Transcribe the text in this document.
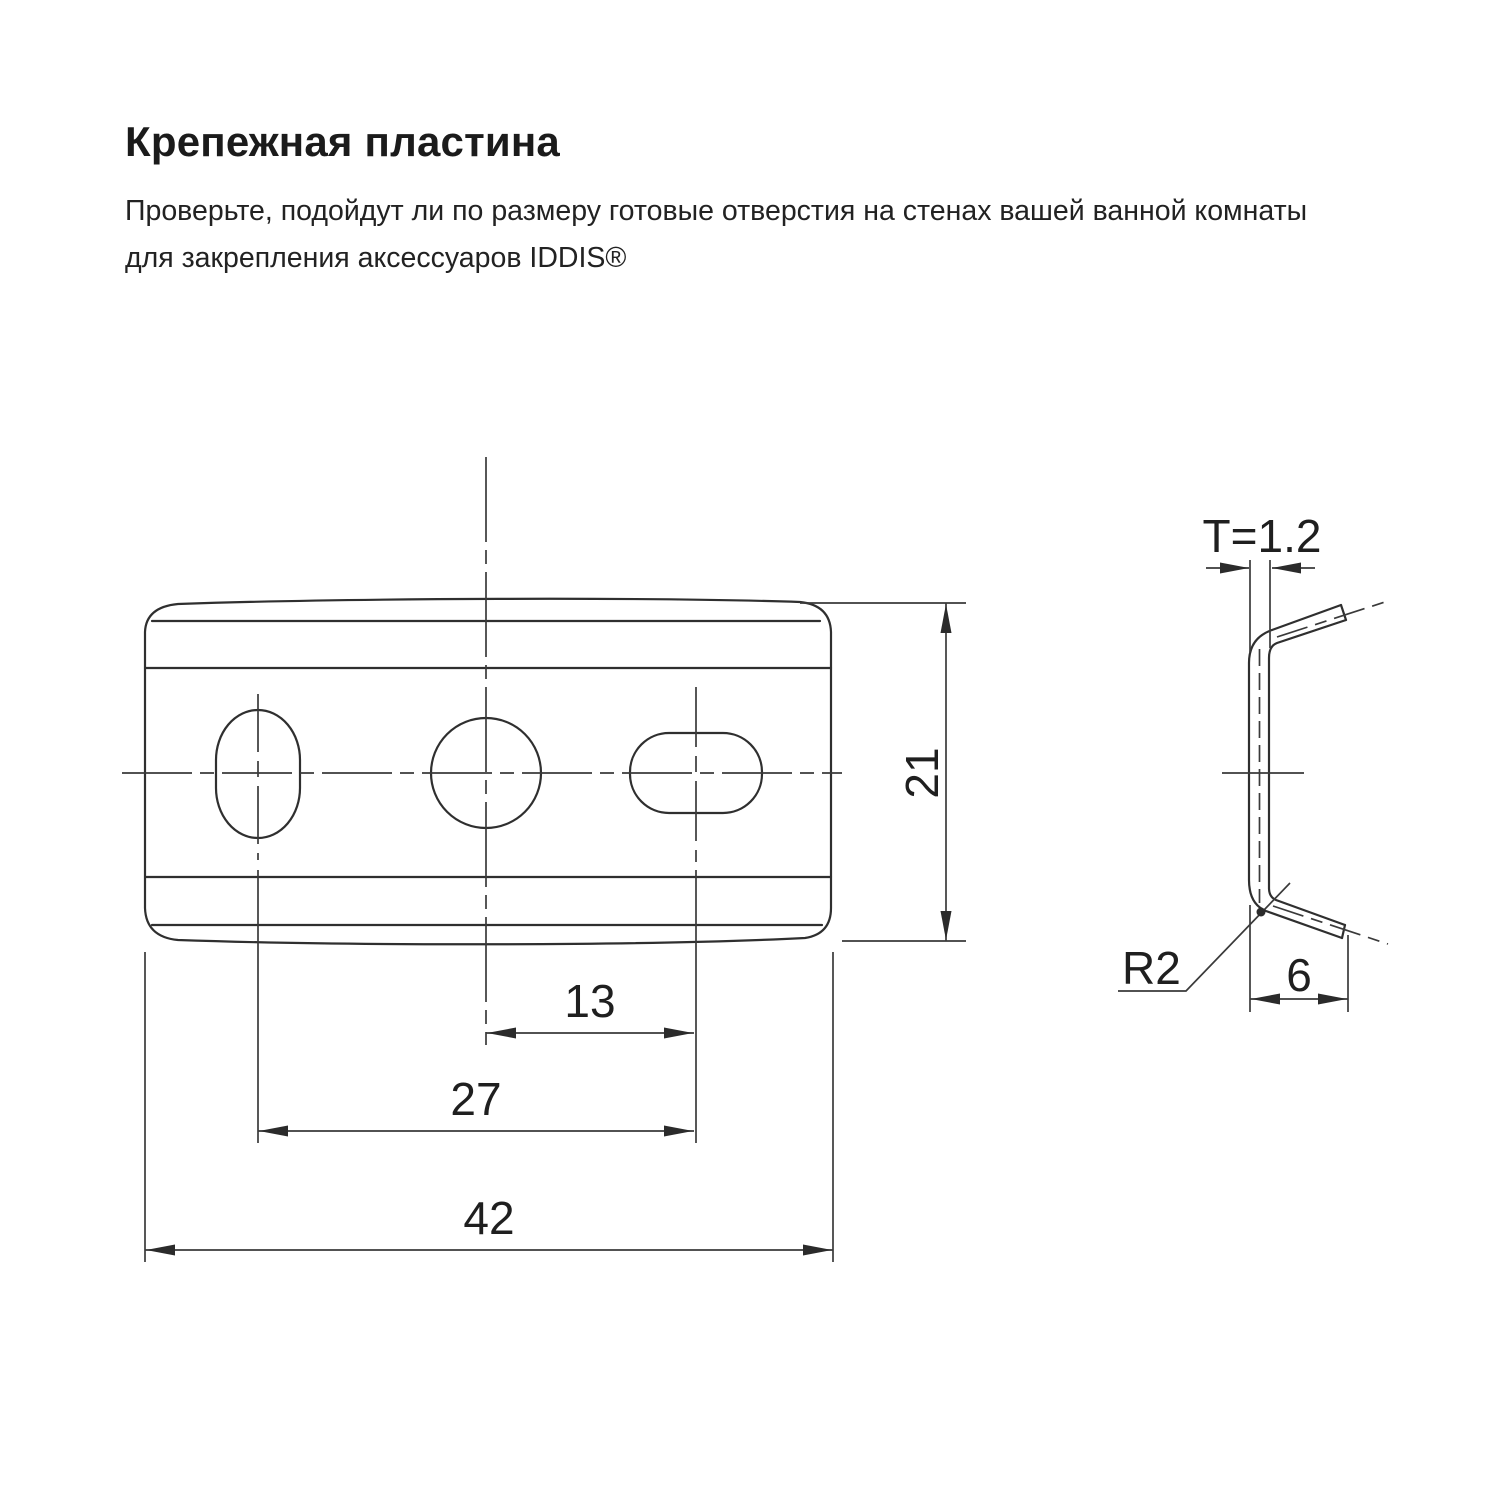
Крепежная пластина
Проверьте, подойдут ли по размеру готовые отверстия на стенах вашей ванной комнаты
для закрепления аксессуаров IDDIS®
13
27
42
21
T=1.2
R2 6
